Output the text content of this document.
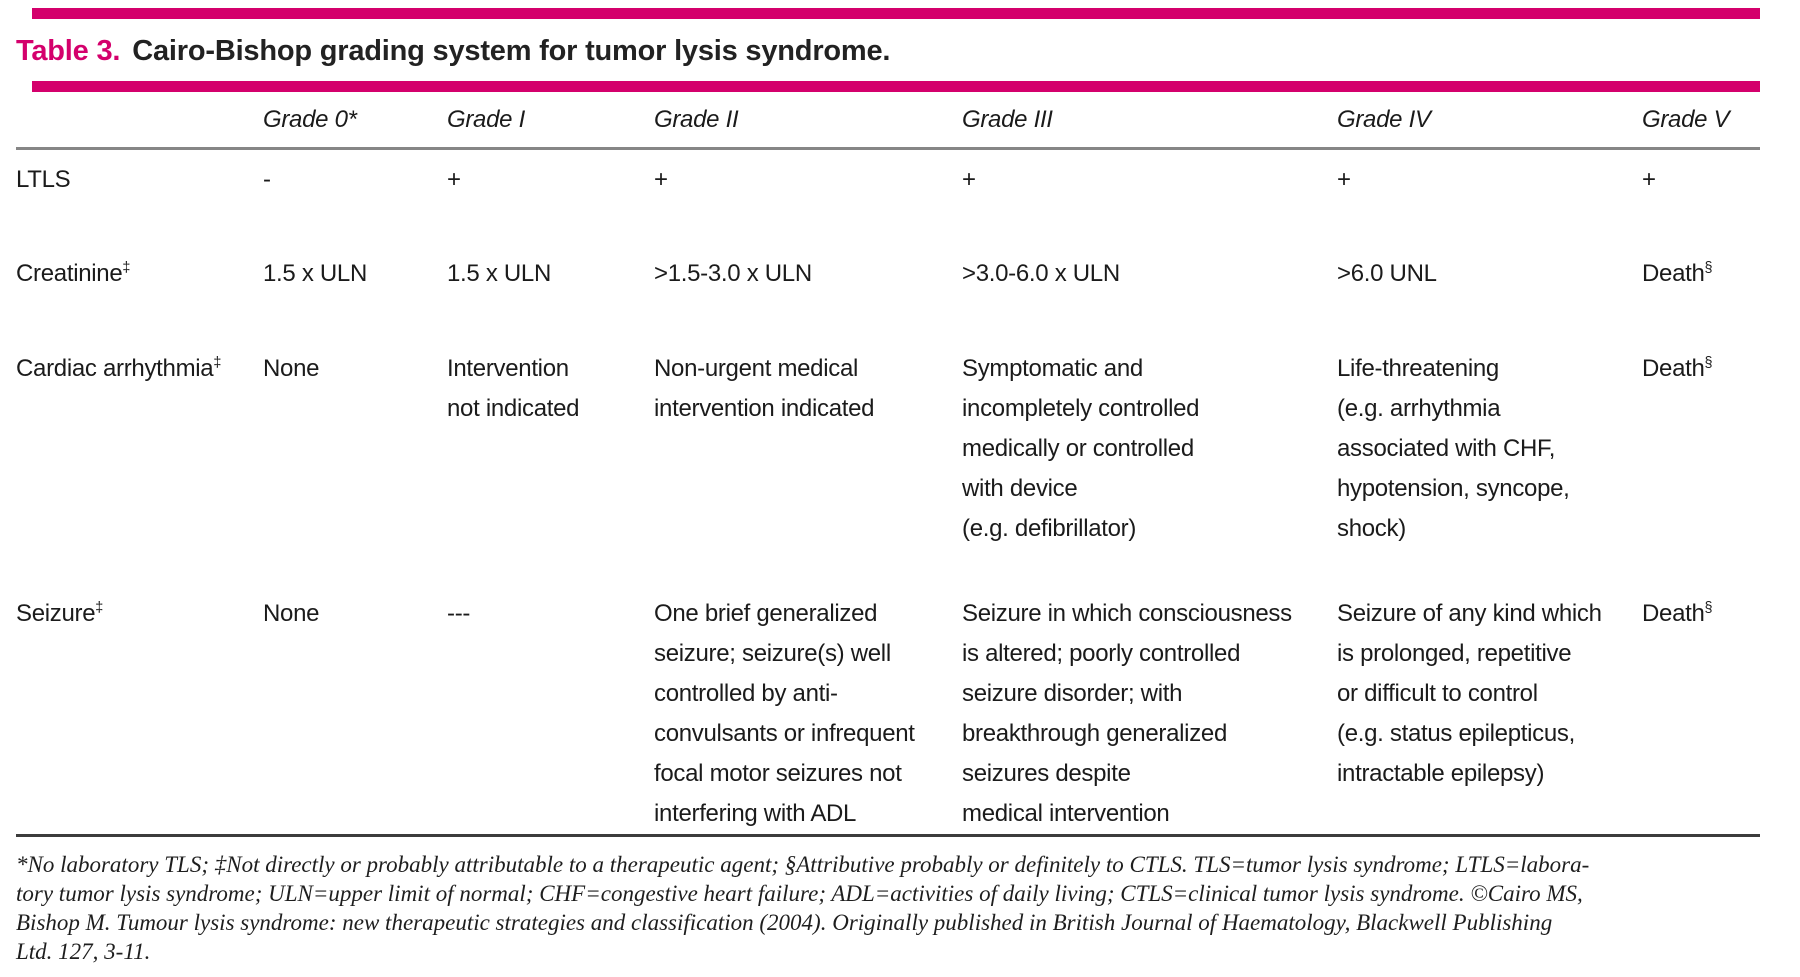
Table 3. Cairo-Bishop grading system for tumor lysis syndrome.
	Grade 0*	Grade I	Grade II	Grade III	Grade IV	Grade V
LTLS	-	+	+	+	+	+
Creatinine‡	1.5 x ULN	1.5 x ULN	>1.5-3.0 x ULN	>3.0-6.0 x ULN	>6.0 UNL	Death§
Cardiac arrhythmia‡	None	Intervention
not indicated	Non-urgent medical
intervention indicated	Symptomatic and
incompletely controlled
medically or controlled
with device
(e.g. defibrillator)	Life-threatening
(e.g. arrhythmia
associated with CHF,
hypotension, syncope,
shock)	Death§
Seizure‡	None	---	One brief generalized
seizure; seizure(s) well
controlled by anti-
convulsants or infrequent
focal motor seizures not
interfering with ADL	Seizure in which consciousness
is altered; poorly controlled
seizure disorder; with
breakthrough generalized
seizures despite
medical intervention	Seizure of any kind which
is prolonged, repetitive
or difficult to control
(e.g. status epilepticus,
intractable epilepsy)	Death§
*No laboratory TLS; ‡Not directly or probably attributable to a therapeutic agent; §Attributive probably or definitely to CTLS. TLS=tumor lysis syndrome; LTLS=labora-
tory tumor lysis syndrome; ULN=upper limit of normal; CHF=congestive heart failure; ADL=activities of daily living; CTLS=clinical tumor lysis syndrome. ©Cairo MS,
Bishop M. Tumour lysis syndrome: new therapeutic strategies and classification (2004). Originally published in British Journal of Haematology, Blackwell Publishing
Ltd. 127, 3-11.
